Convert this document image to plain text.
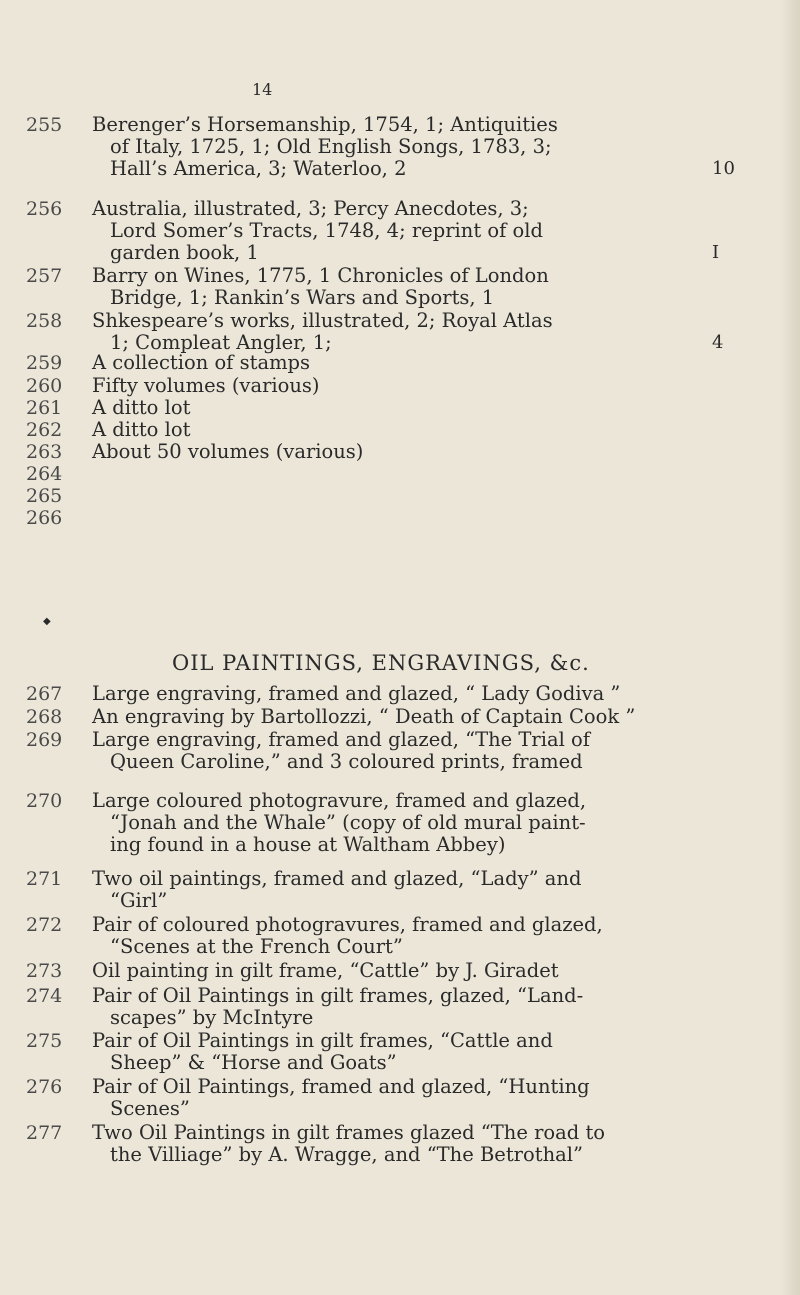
14
◆
OIL PAINTINGS, ENGRAVINGS, &c.
255	Berenger’s Horsemanship, 1754, 1; Antiquities
of Italy, 1725, 1; Old English Songs, 1783, 3;
Hall’s America, 3; Waterloo, 2	10
256	Australia, illustrated, 3; Percy Anecdotes, 3;
Lord Somer’s Tracts, 1748, 4; reprint of old
garden book, 1	I
257	Barry on Wines, 1775, 1 Chronicles of London
Bridge, 1; Rankin’s Wars and Sports, 1
258	Shkespeare’s works, illustrated, 2; Royal Atlas
1; Compleat Angler, 1;	4
259	A collection of stamps
260	Fifty volumes (various)
261	A ditto lot
262	A ditto lot
263	About 50 volumes (various)
264
265
266
267	Large engraving, framed and glazed, “ Lady Godiva ”
268	An engraving by Bartollozzi, “ Death of Captain Cook ”
269	Large engraving, framed and glazed, “The Trial of
Queen Caroline,” and 3 coloured prints, framed
270	Large coloured photogravure, framed and glazed,
“Jonah and the Whale” (copy of old mural paint-
ing found in a house at Waltham Abbey)
271	Two oil paintings, framed and glazed, “Lady” and
“Girl”
272	Pair of coloured photogravures, framed and glazed,
“Scenes at the French Court”
273	Oil painting in gilt frame, “Cattle” by J. Giradet
274	Pair of Oil Paintings in gilt frames, glazed, “Land-
scapes” by McIntyre
275	Pair of Oil Paintings in gilt frames, “Cattle and
Sheep” & “Horse and Goats”
276	Pair of Oil Paintings, framed and glazed, “Hunting
Scenes”
277	Two Oil Paintings in gilt frames glazed “The road to
the Villiage” by A. Wragge, and “The Betrothal”
